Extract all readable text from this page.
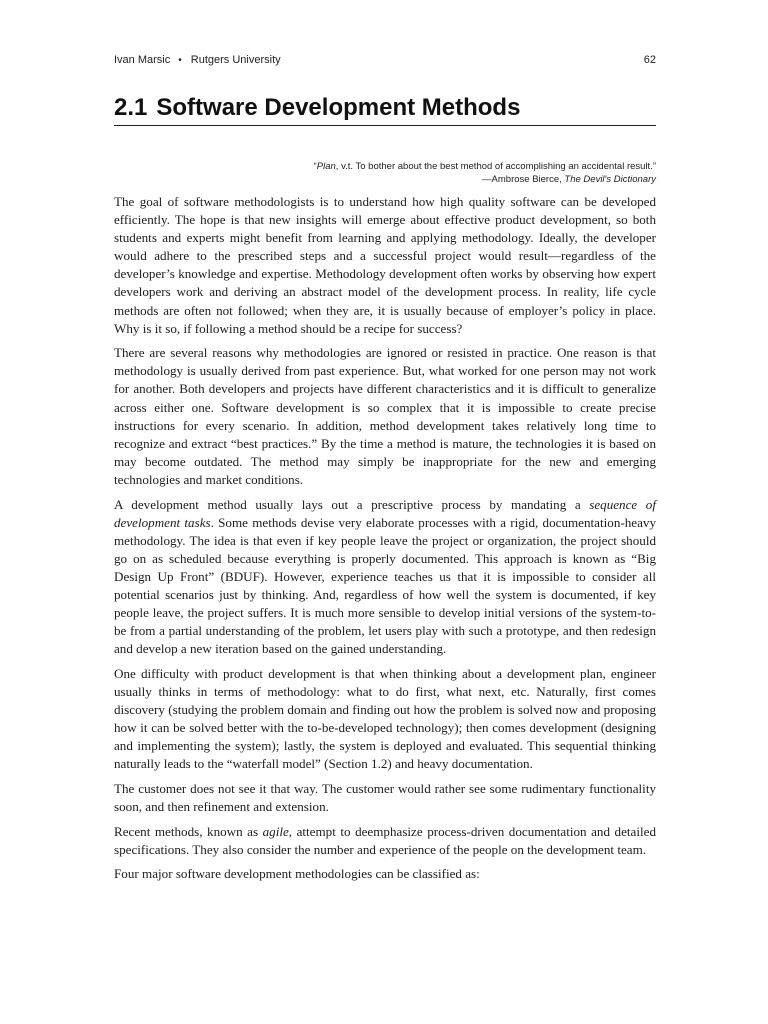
Ivan Marsic • Rutgers University	62
2.1 Software Development Methods
“Plan, v.t. To bother about the best method of accomplishing an accidental result.”
—Ambrose Bierce, The Devil's Dictionary

The goal of software methodologists is to understand how high quality software can be developed efficiently. The hope is that new insights will emerge about effective product development, so both students and experts might benefit from learning and applying methodology. Ideally, the developer would adhere to the prescribed steps and a successful project would result—regardless of the developer’s knowledge and expertise. Methodology development often works by observing how expert developers work and deriving an abstract model of the development process. In reality, life cycle methods are often not followed; when they are, it is usually because of employer’s policy in place. Why is it so, if following a method should be a recipe for success?

There are several reasons why methodologies are ignored or resisted in practice. One reason is that methodology is usually derived from past experience. But, what worked for one person may not work for another. Both developers and projects have different characteristics and it is difficult to generalize across either one. Software development is so complex that it is impossible to create precise instructions for every scenario. In addition, method development takes relatively long time to recognize and extract “best practices.” By the time a method is mature, the technologies it is based on may become outdated. The method may simply be inappropriate for the new and emerging technologies and market conditions.

A development method usually lays out a prescriptive process by mandating a sequence of development tasks. Some methods devise very elaborate processes with a rigid, documentation-heavy methodology. The idea is that even if key people leave the project or organization, the project should go on as scheduled because everything is properly documented. This approach is known as “Big Design Up Front” (BDUF). However, experience teaches us that it is impossible to consider all potential scenarios just by thinking. And, regardless of how well the system is documented, if key people leave, the project suffers. It is much more sensible to develop initial versions of the system-to-be from a partial understanding of the problem, let users play with such a prototype, and then redesign and develop a new iteration based on the gained understanding.

One difficulty with product development is that when thinking about a development plan, engineer usually thinks in terms of methodology: what to do first, what next, etc. Naturally, first comes discovery (studying the problem domain and finding out how the problem is solved now and proposing how it can be solved better with the to-be-developed technology); then comes development (designing and implementing the system); lastly, the system is deployed and evaluated. This sequential thinking naturally leads to the “waterfall model” (Section 1.2) and heavy documentation.

The customer does not see it that way. The customer would rather see some rudimentary functionality soon, and then refinement and extension.

Recent methods, known as agile, attempt to deemphasize process-driven documentation and detailed specifications. They also consider the number and experience of the people on the development team.

Four major software development methodologies can be classified as:
